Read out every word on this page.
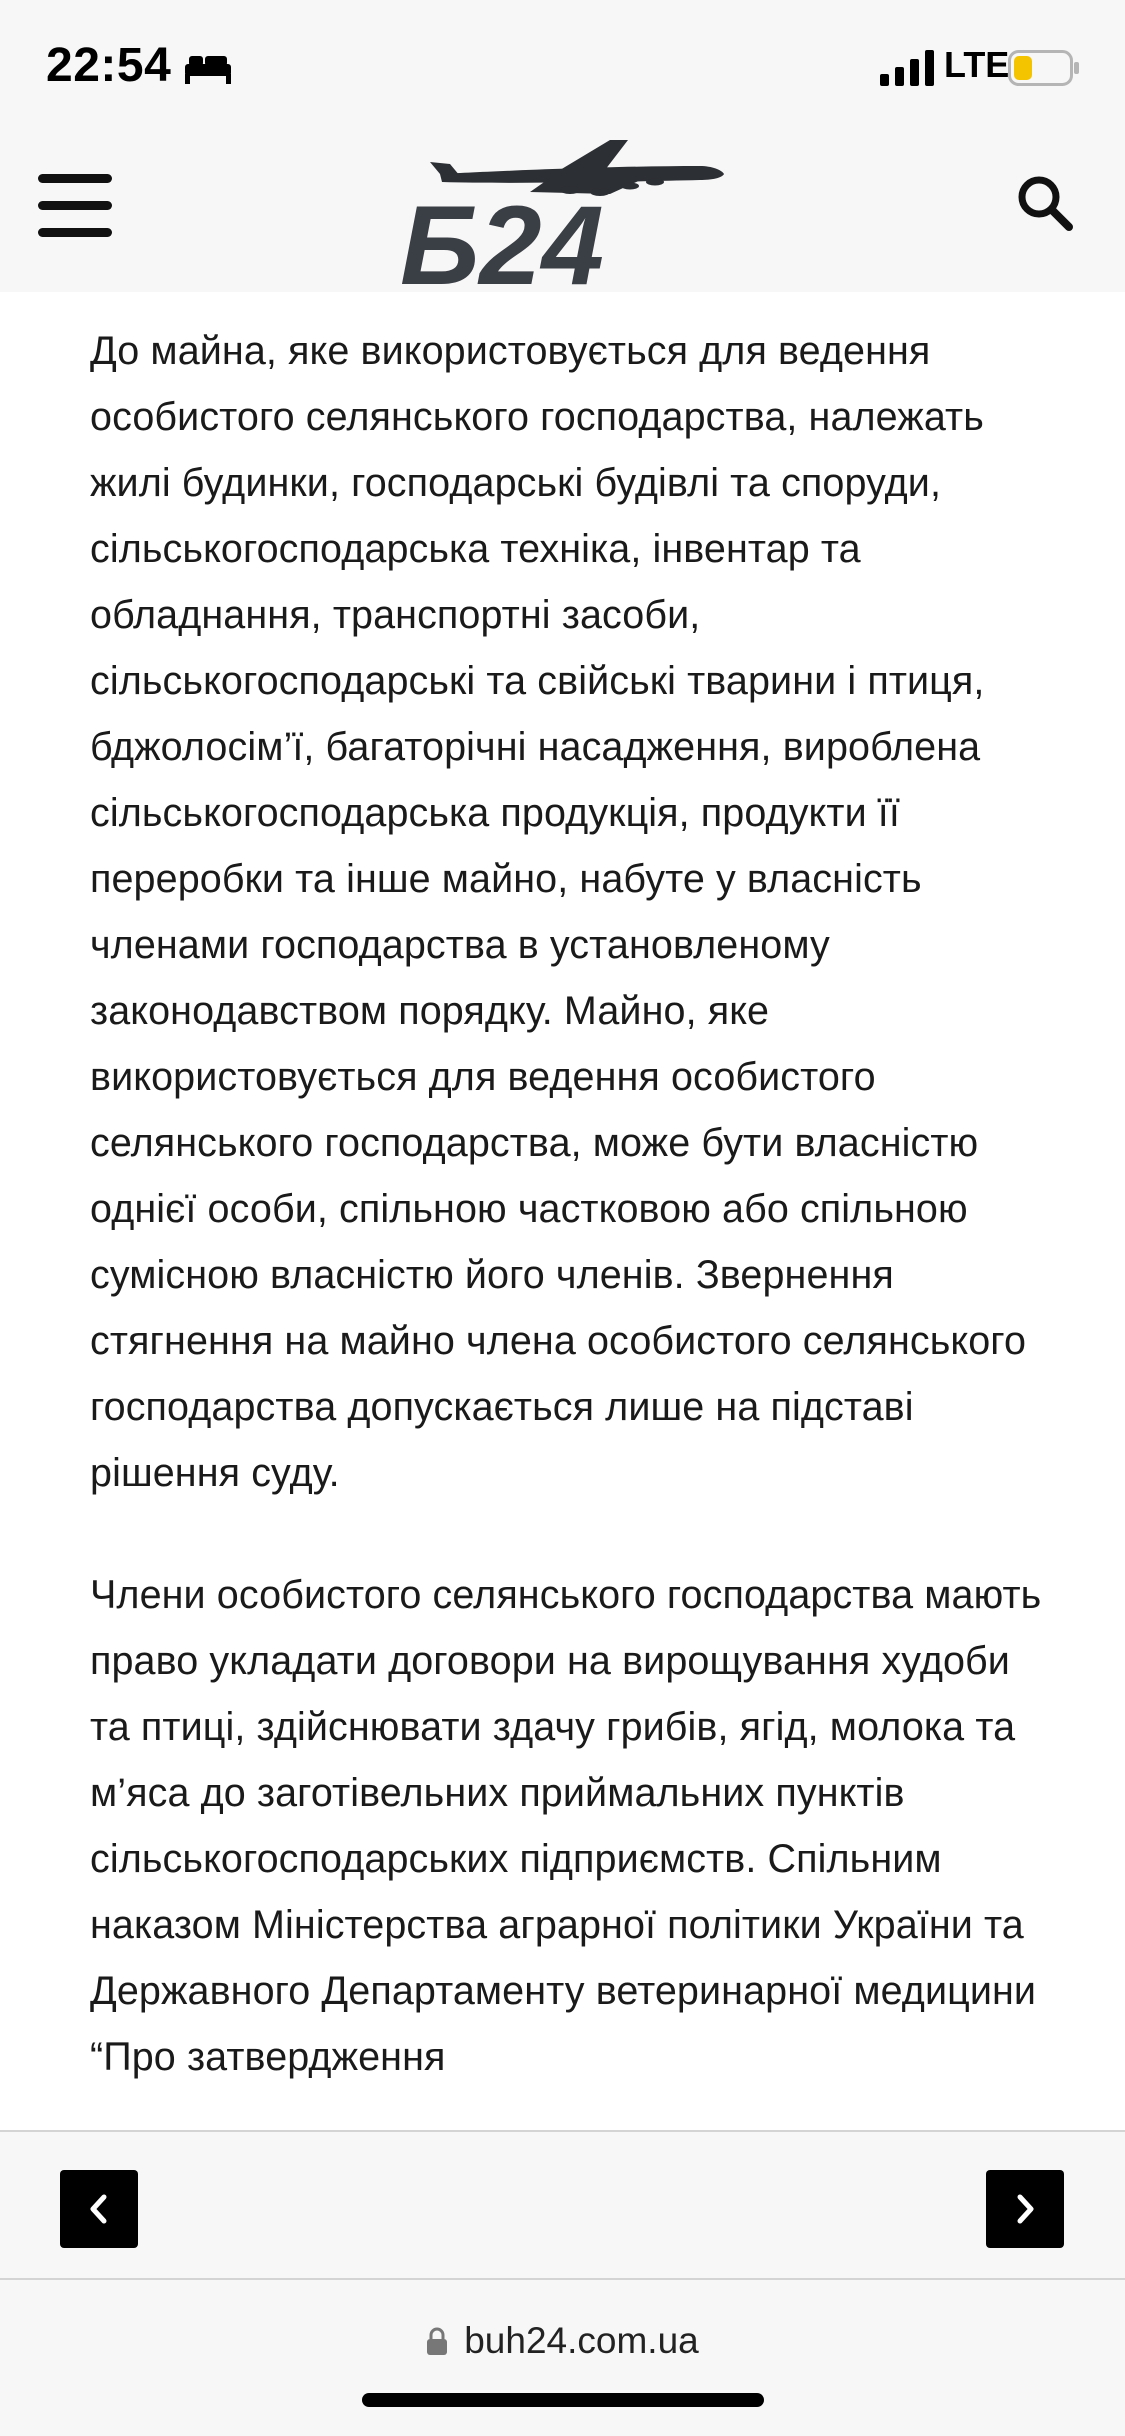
22:54	LTE
Б24

До майна, яке використовується для ведення особистого селянського господарства, належать жилі будинки, господарські будівлі та споруди, сільськогосподарська техніка, інвентар та обладнання, транспортні засоби, сільськогосподарські та свійські тварини і птиця, бджолосім’ї, багаторічні насадження, вироблена сільськогосподарська продукція, продукти її переробки та інше майно, набуте у власність членами господарства в установленому законодавством порядку. Майно, яке використовується для ведення особистого селянського господарства, може бути власністю однієї особи, спільною частковою або спільною сумісною власністю його членів. Звернення стягнення на майно члена особистого селянського господарства допускається лише на підставі рішення суду.

Члени особистого селянського господарства мають право укладати договори на вирощування худоби та птиці, здійснювати здачу грибів, ягід, молока та м’яса до заготівельних приймальних пунктів сільськогосподарських підприємств. Спільним наказом Міністерства аграрної політики України та Державного Департаменту ветеринарної медицини “Про затвердження

buh24.com.ua
